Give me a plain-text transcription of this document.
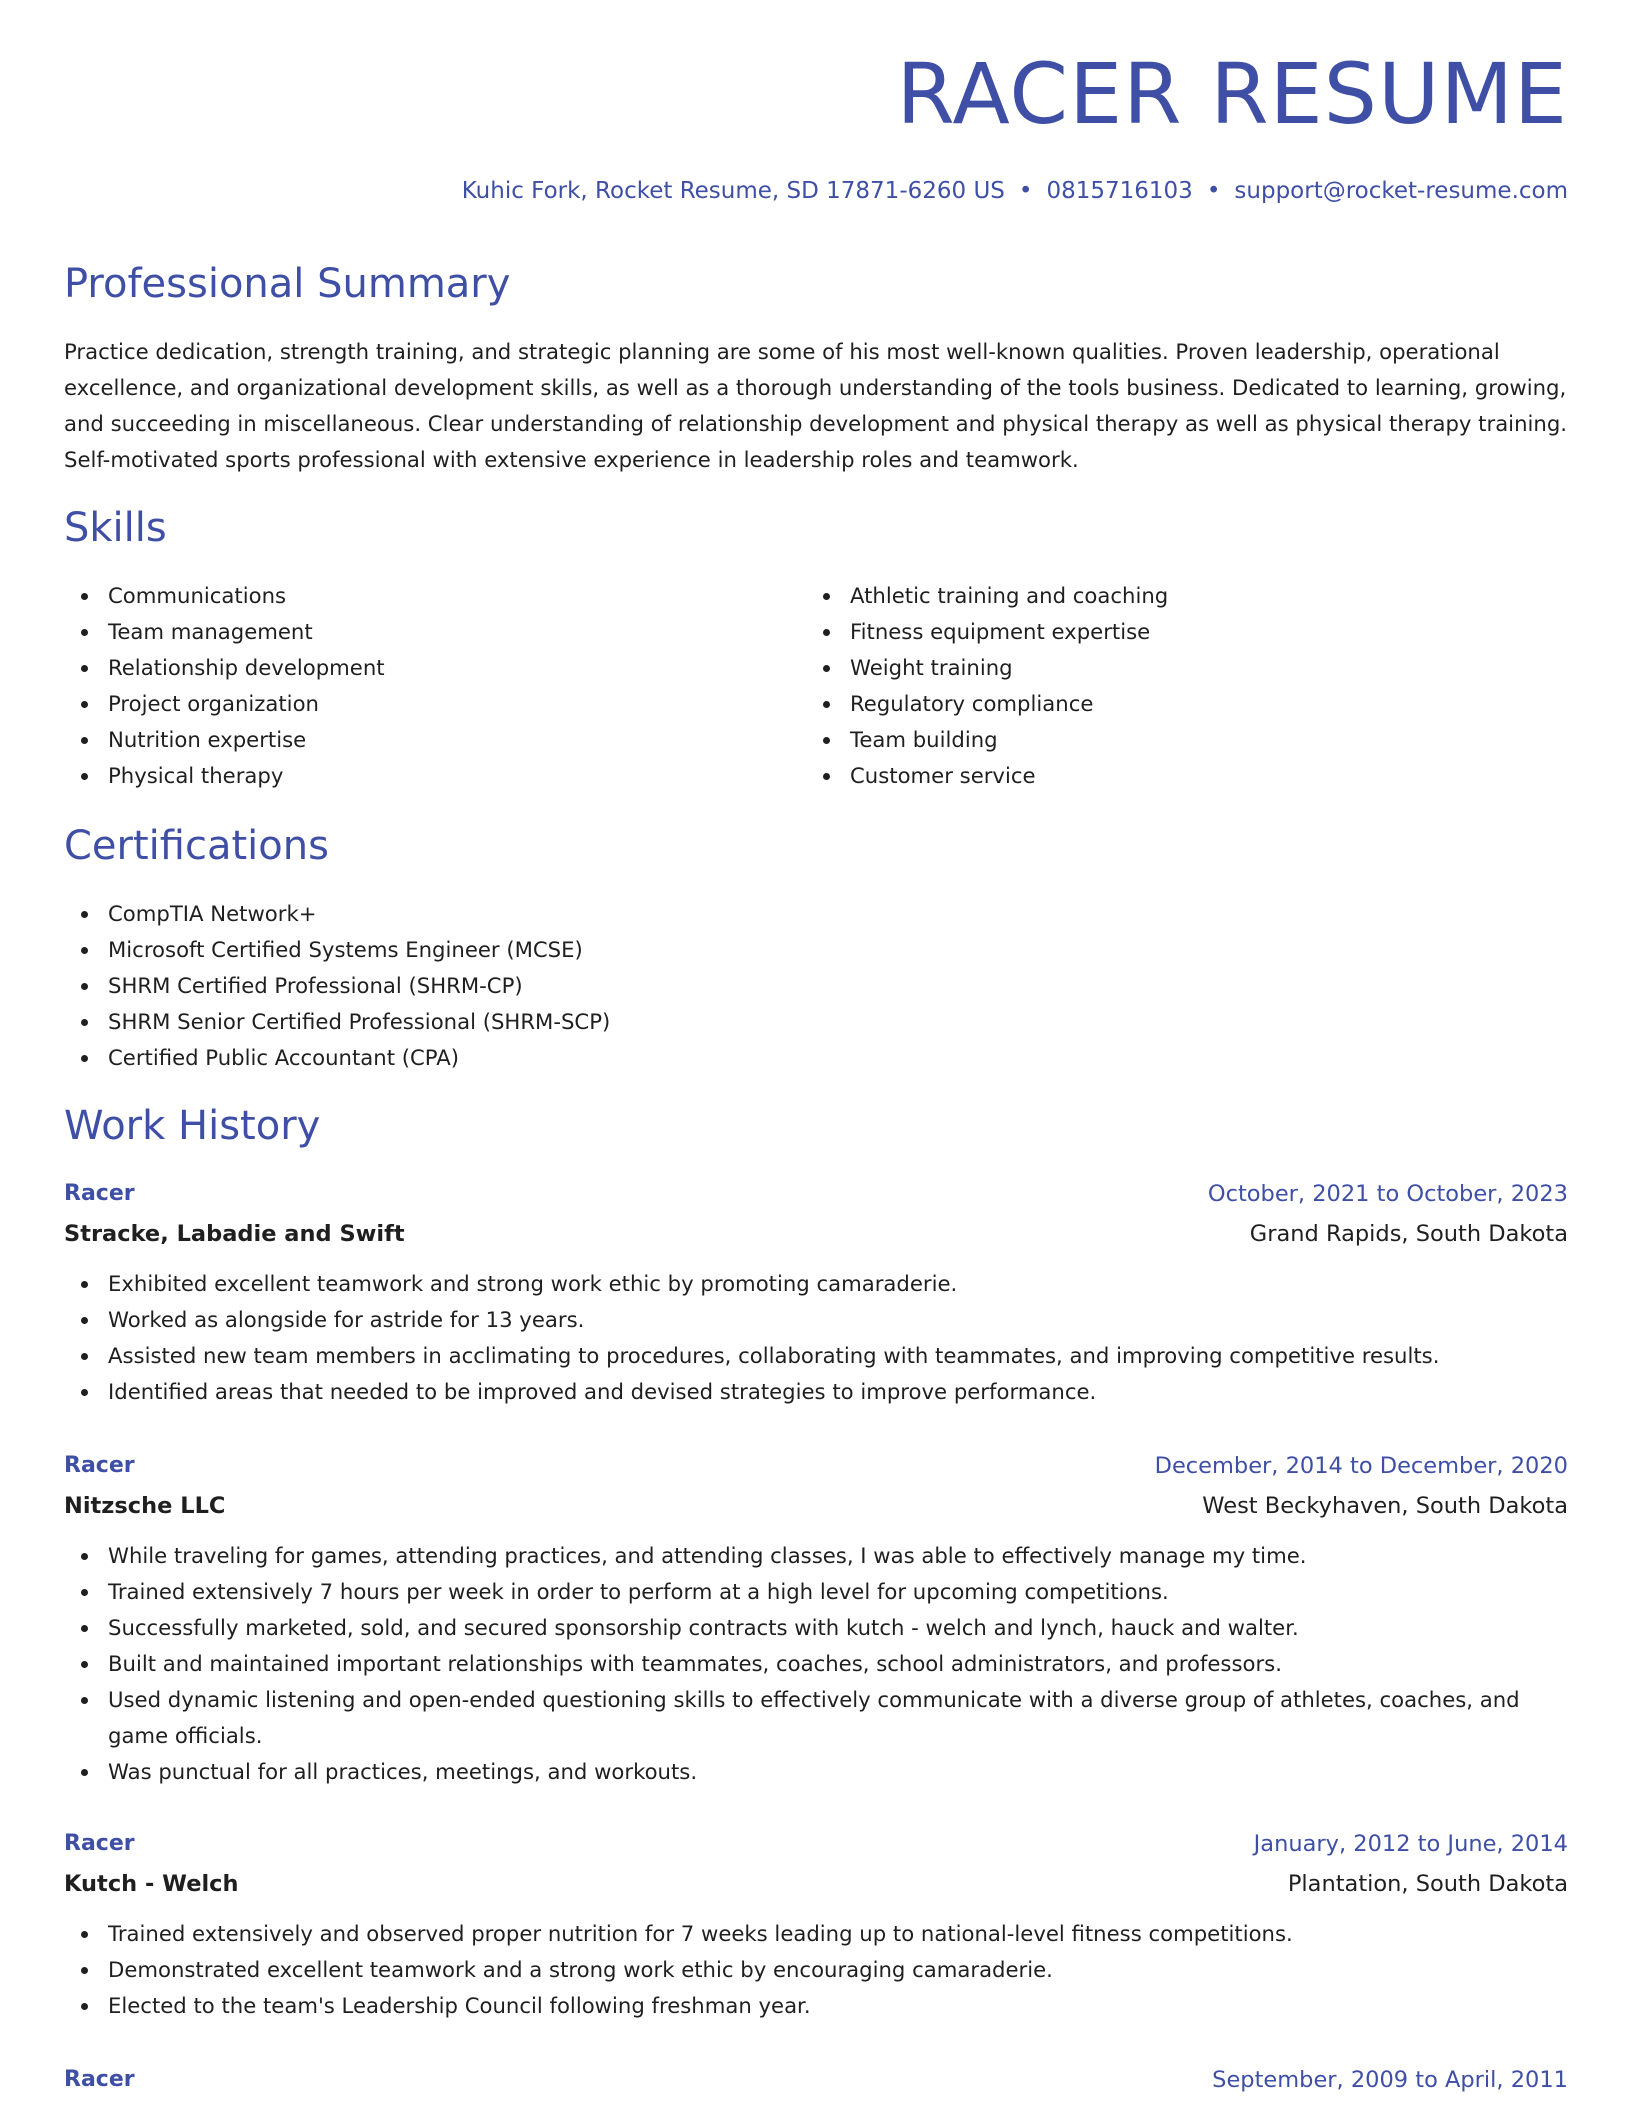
RACER RESUME
Kuhic Fork, Rocket Resume, SD 17871-6260 US • 0815716103 • support@rocket-resume.com
Professional Summary

Practice dedication, strength training, and strategic planning are some of his most well-known qualities. Proven leadership, operational excellence, and organizational development skills, as well as a thorough understanding of the tools business. Dedicated to learning, growing, and succeeding in miscellaneous. Clear understanding of relationship development and physical therapy as well as physical therapy training. Self-motivated sports professional with extensive experience in leadership roles and teamwork.

Skills
Communications
Team management
Relationship development
Project organization
Nutrition expertise
Physical therapy
Athletic training and coaching
Fitness equipment expertise
Weight training
Regulatory compliance
Team building
Customer service
Certifications
CompTIA Network+
Microsoft Certified Systems Engineer (MCSE)
SHRM Certified Professional (SHRM-CP)
SHRM Senior Certified Professional (SHRM-SCP)
Certified Public Accountant (CPA)
Work History
Racer	October, 2021 to October, 2023
Stracke, Labadie and Swift	Grand Rapids, South Dakota
Exhibited excellent teamwork and strong work ethic by promoting camaraderie.
Worked as alongside for astride for 13 years.
Assisted new team members in acclimating to procedures, collaborating with teammates, and improving competitive results.
Identified areas that needed to be improved and devised strategies to improve performance.
Racer	December, 2014 to December, 2020
Nitzsche LLC	West Beckyhaven, South Dakota
While traveling for games, attending practices, and attending classes, I was able to effectively manage my time.
Trained extensively 7 hours per week in order to perform at a high level for upcoming competitions.
Successfully marketed, sold, and secured sponsorship contracts with kutch - welch and lynch, hauck and walter.
Built and maintained important relationships with teammates, coaches, school administrators, and professors.
Used dynamic listening and open-ended questioning skills to effectively communicate with a diverse group of athletes, coaches, and game officials.
Was punctual for all practices, meetings, and workouts.
Racer	January, 2012 to June, 2014
Kutch - Welch	Plantation, South Dakota
Trained extensively and observed proper nutrition for 7 weeks leading up to national-level fitness competitions.
Demonstrated excellent teamwork and a strong work ethic by encouraging camaraderie.
Elected to the team's Leadership Council following freshman year.
Racer	September, 2009 to April, 2011
